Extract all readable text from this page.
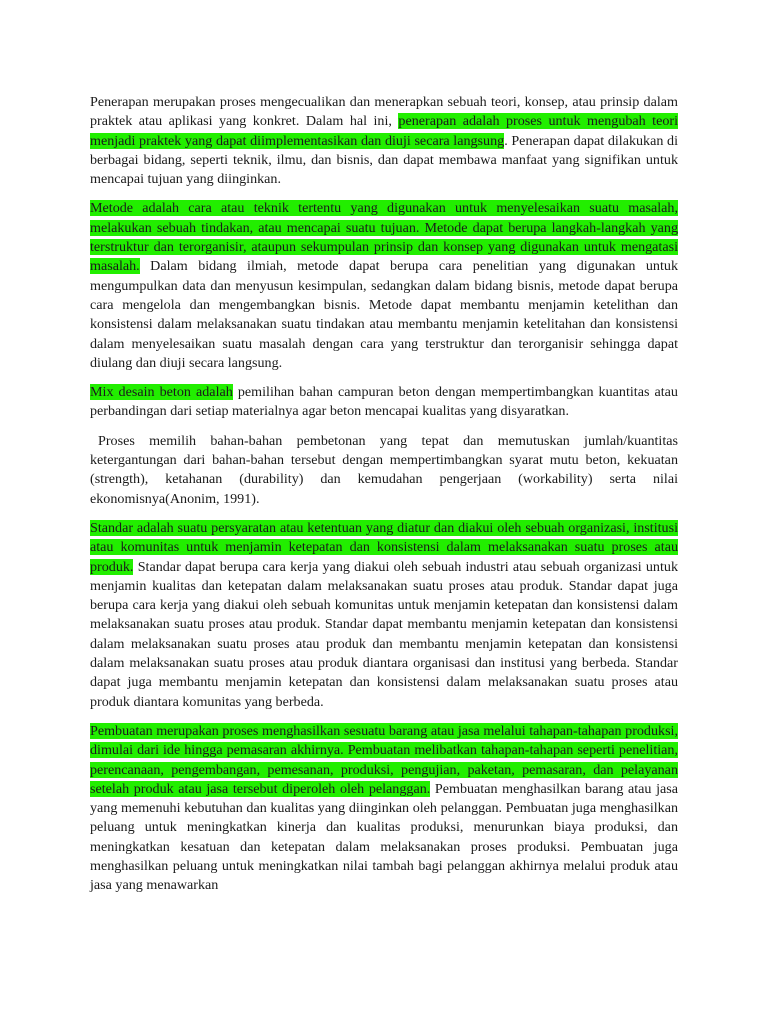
Penerapan merupakan proses mengecualikan dan menerapkan sebuah teori, konsep, atau prinsip dalam praktek atau aplikasi yang konkret. Dalam hal ini, penerapan adalah proses untuk mengubah teori menjadi praktek yang dapat diimplementasikan dan diuji secara langsung. Penerapan dapat dilakukan di berbagai bidang, seperti teknik, ilmu, dan bisnis, dan dapat membawa manfaat yang signifikan untuk mencapai tujuan yang diinginkan.

Metode adalah cara atau teknik tertentu yang digunakan untuk menyelesaikan suatu masalah, melakukan sebuah tindakan, atau mencapai suatu tujuan. Metode dapat berupa langkah-langkah yang terstruktur dan terorganisir, ataupun sekumpulan prinsip dan konsep yang digunakan untuk mengatasi masalah. Dalam bidang ilmiah, metode dapat berupa cara penelitian yang digunakan untuk mengumpulkan data dan menyusun kesimpulan, sedangkan dalam bidang bisnis, metode dapat berupa cara mengelola dan mengembangkan bisnis. Metode dapat membantu menjamin ketelithan dan konsistensi dalam melaksanakan suatu tindakan atau membantu menjamin ketelitahan dan konsistensi dalam menyelesaikan suatu masalah dengan cara yang terstruktur dan terorganisir sehingga dapat diulang dan diuji secara langsung.

Mix desain beton adalah pemilihan bahan campuran beton dengan mempertimbangkan kuantitas atau perbandingan dari setiap materialnya agar beton mencapai kualitas yang disyaratkan.

Proses memilih bahan-bahan pembetonan yang tepat dan memutuskan jumlah/kuantitas ketergantungan dari bahan-bahan tersebut dengan mempertimbangkan syarat mutu beton, kekuatan (strength), ketahanan (durability) dan kemudahan pengerjaan (workability) serta nilai ekonomisnya(Anonim, 1991).

Standar adalah suatu persyaratan atau ketentuan yang diatur dan diakui oleh sebuah organizasi, institusi atau komunitas untuk menjamin ketepatan dan konsistensi dalam melaksanakan suatu proses atau produk. Standar dapat berupa cara kerja yang diakui oleh sebuah industri atau sebuah organizasi untuk menjamin kualitas dan ketepatan dalam melaksanakan suatu proses atau produk. Standar dapat juga berupa cara kerja yang diakui oleh sebuah komunitas untuk menjamin ketepatan dan konsistensi dalam melaksanakan suatu proses atau produk. Standar dapat membantu menjamin ketepatan dan konsistensi dalam melaksanakan suatu proses atau produk dan membantu menjamin ketepatan dan konsistensi dalam melaksanakan suatu proses atau produk diantara organisasi dan institusi yang berbeda. Standar dapat juga membantu menjamin ketepatan dan konsistensi dalam melaksanakan suatu proses atau produk diantara komunitas yang berbeda.

Pembuatan merupakan proses menghasilkan sesuatu barang atau jasa melalui tahapan-tahapan produksi, dimulai dari ide hingga pemasaran akhirnya. Pembuatan melibatkan tahapan-tahapan seperti penelitian, perencanaan, pengembangan, pemesanan, produksi, pengujian, paketan, pemasaran, dan pelayanan setelah produk atau jasa tersebut diperoleh oleh pelanggan. Pembuatan menghasilkan barang atau jasa yang memenuhi kebutuhan dan kualitas yang diinginkan oleh pelanggan. Pembuatan juga menghasilkan peluang untuk meningkatkan kinerja dan kualitas produksi, menurunkan biaya produksi, dan meningkatkan kesatuan dan ketepatan dalam melaksanakan proses produksi. Pembuatan juga menghasilkan peluang untuk meningkatkan nilai tambah bagi pelanggan akhirnya melalui produk atau jasa yang menawarkan
